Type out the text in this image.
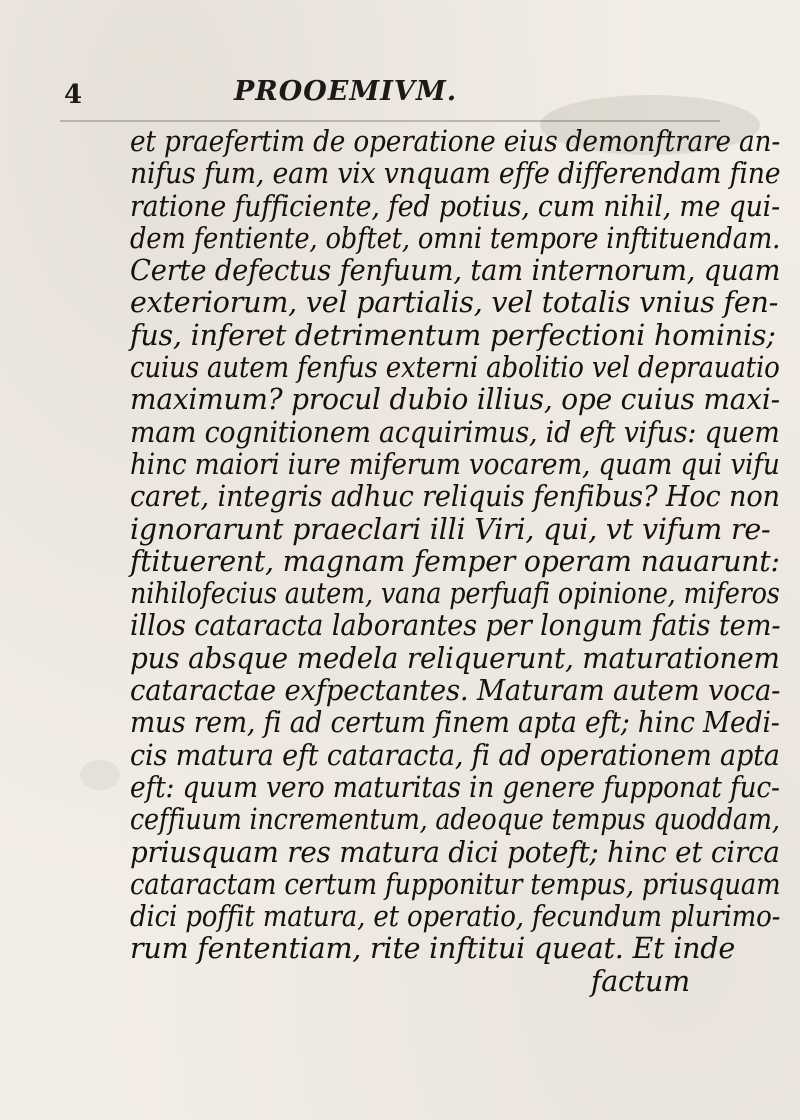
4	PROOEMIVM.

et praefertim de operatione eius demonftrare an-

nifus fum, eam vix vnquam effe differendam fine

ratione fufficiente, fed potius, cum nihil, me qui-

dem fentiente, obftet, omni tempore inftituendam.

Certe defectus fenfuum, tam internorum, quam

exteriorum, vel partialis, vel totalis vnius fen-

fus, inferet detrimentum perfectioni hominis;

cuius autem fenfus externi abolitio vel deprauatio

maximum? procul dubio illius, ope cuius maxi-

mam cognitionem acquirimus, id eft vifus: quem

hinc maiori iure miferum vocarem, quam qui vifu

caret, integris adhuc reliquis fenfibus? Hoc non

ignorarunt praeclari illi Viri, qui, vt vifum re-

ftituerent, magnam femper operam nauarunt:

nihilofecius autem, vana perfuafi opinione, miferos

illos cataracta laborantes per longum fatis tem-

pus absque medela reliquerunt, maturationem

cataractae exfpectantes. Maturam autem voca-

mus rem, fi ad certum finem apta eft; hinc Medi-

cis matura eft cataracta, fi ad operationem apta

eft: quum vero maturitas in genere fupponat fuc-

ceffiuum incrementum, adeoque tempus quoddam,

priusquam res matura dici poteft; hinc et circa

cataractam certum fupponitur tempus, priusquam

dici poffit matura, et operatio, fecundum plurimo-

rum fententiam, rite inftitui queat. Et inde

factum
